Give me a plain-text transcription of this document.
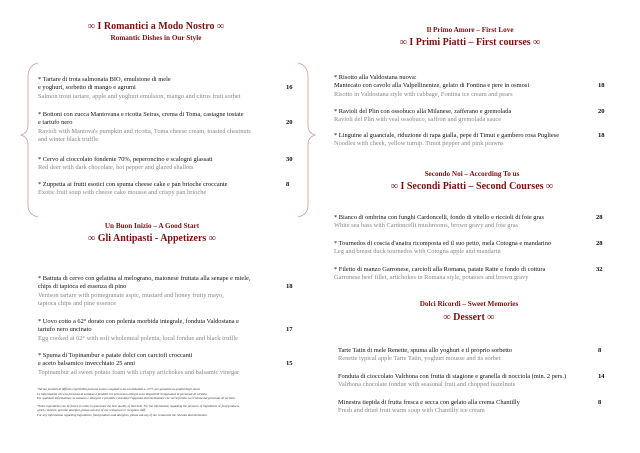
∞ I Romantici a Modo Nostro ∞
Romantic Dishes in Our Style
* Tartare di trota salmonata BIO, emulsione di mele
e yoghurt, sorbetto di mango e agrumi
Salmon trout tartare, apple and yoghurt emulsion, mango and citrus fruit sorbet
16
* Bottoni con zucca Mantovana e ricotta Seiras, crema di Toma, castagne tostate
e tartufo nero
Ravioli with Mantova's pumpkin and ricotta, Toma cheese cream, toasted chestnuts
and winter black truffle
20
* Cervo al cioccolato fondente 70%, peperoncino e scalogni glassati
Red deer with dark chocolate, hot pepper and glazed shallots
30
* Zuppetta ai frutti esotici con spuma cheese cake e pan brioche croccante
Exotic fruit soup with cheese cake mousse and crispy pan brioche
8
Un Buon Inizio – A Good Start
∞ Gli Antipasti - Appetizers ∞
* Battuta di cervo con gelatina al melograno, maionese fruttata alla senape e miele,
chips di tapioca ed essenza di pino
Venison tartare with pomegranate aspic, mustard and honey fruity mayo,
tapioca chips and pine essence
18
* Uovo cotto a 62° dorato con polenta morbida integrale, fonduta Valdostana e
tartufo nero uncinato
Egg cooked at 62° with soft wholemeal polenta, local fondue and black truffle
17
* Spuma di Topinambur e patate dolci con carciofi croccanti
e aceto balsamico invecchiato 25 anni
Topinambur ad sweet potato foam with crispy artichokes and balsamic vinegar
15
*Alcuni prodotti di difficile reperibilità possono essere congelati o da noi abbattuti a -25°C per garantire la qualità degli stessi.
Le informazioni circa la presenza di sostanze o prodotti che provocano allergie sono disponibili rivolgendosi al personale di servizio.
Per qualsiasi informazione su sostanze e allergeni è possibile consultare l'apposita documentazione che verrà fornita su richiesta dal personale di servizio.
*Some ingredients can be frozen in order to guarantee the best quality of that item. For the information regarding the presence of ingredients or food products,
which could be, provoke allergies, please ask any of our restaurant or reception staff.
For any information regarding ingredients, food products and allergens, please ask any of our restaurant the relevant documentation.
Il Primo Amore – First Love
∞ I Primi Piatti – First courses ∞
* Risotto alla Valdostana nuova:
Mantecato con cavolo alla Valpellinentze, gelato di Fontina e pere in osmosi
Risotto in Valdostana style with cabbage, Fontina ice cream and pears
18
* Ravioli del Plin con ossobuco alla Milanese, zafferano e gremolada
Ravioli del Plin with veal ossobuco, saffron and gremolada sauce
20
* Linguine al guanciale, riduzione di rapa gialla, pepe di Timut e gambero rosa Pugliese
Noodles with cheek, yellow turnip. Timut pepper and pink prawns
18
Secondo Noi – According To us
∞ I Secondi Piatti – Second Courses ∞
* Bianco di ombrina con funghi Cardoncelli, fondo di vitello e riccioli di foie gras
White sea bass with Cardoncelli mushrooms, brown gravy and foie gras
28
* Tournedos di coscia d'anatra ricomposta ed il suo petto, mela Cotogna e mandarino
Leg and breast duck tournedos with Cotogna apple and mandarin
28
* Filetto di manzo Garronese, carciofi alla Romana, patate Ratte e fondo di cottura
Garronese beef fillet, artichokes in Romana style, potatoes and brown gravy
32
Dolci Ricordi – Sweet Memories
∞ Dessert ∞
Tarte Tatin di mele Renette, spuma allo yoghurt e il proprio sorbetto
Renette typical apple Tarte Tatin, yoghurt mousse and its sorbet
8
Fonduta di cioccolato Valrhona con frutta di stagione e granella di nocciola (min. 2 pers.)
Valrhona chocolate fondue with seasonal fruit and chopped hazelnuts
14
Minestra tiepida di frutta fresca e secca con gelato alla crema Chantilly
Fresh and dried fruit warm soup with Chantilly ice cream
8
